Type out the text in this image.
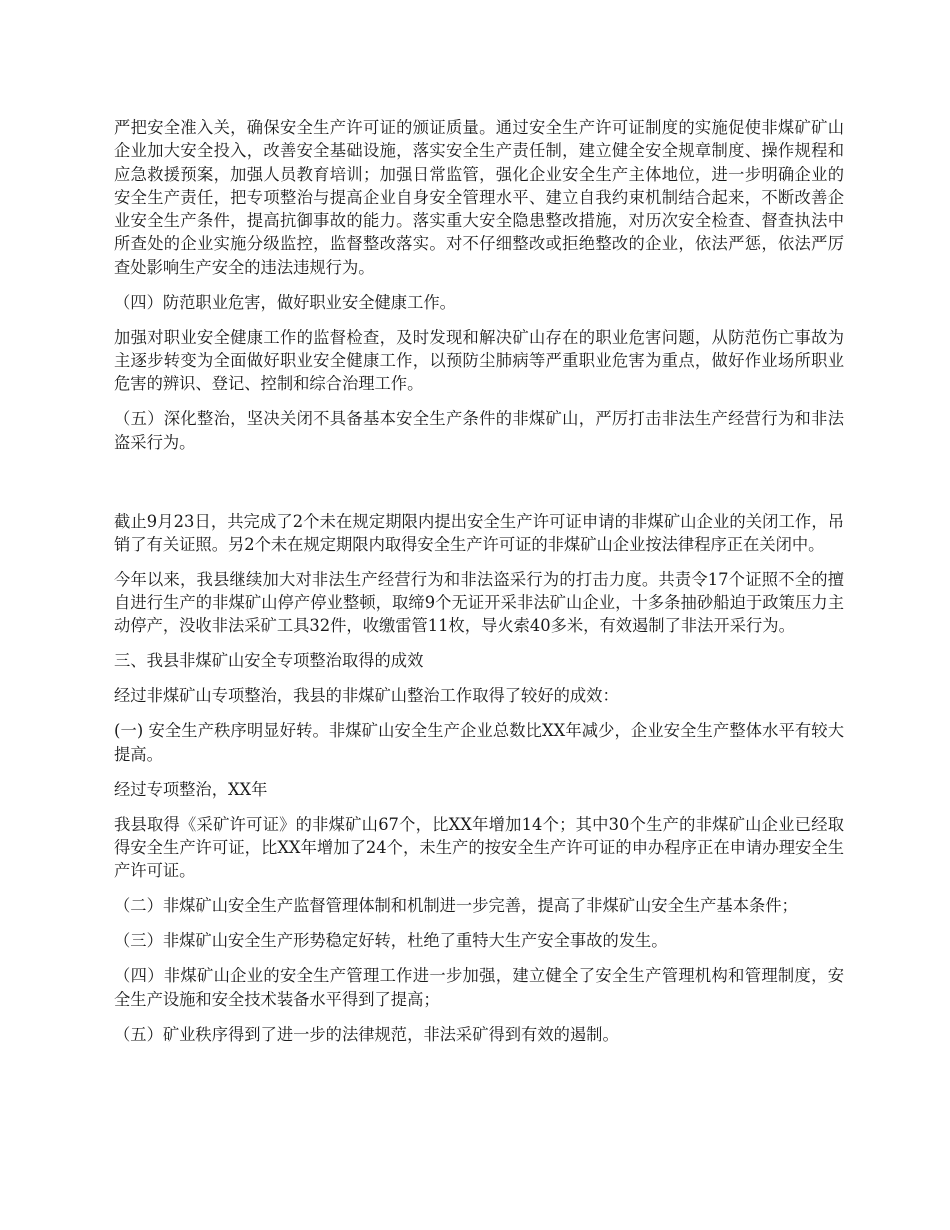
严把安全准入关，确保安全生产许可证的颁证质量。通过安全生产许可证制度的实施促使非煤矿矿山企业加大安全投入，改善安全基础设施，落实安全生产责任制，建立健全安全规章制度、操作规程和应急救援预案，加强人员教育培训；加强日常监管，强化企业安全生产主体地位，进一步明确企业的安全生产责任，把专项整治与提高企业自身安全管理水平、建立自我约束机制结合起来，不断改善企业安全生产条件，提高抗御事故的能力。落实重大安全隐患整改措施，对历次安全检查、督查执法中所查处的企业实施分级监控，监督整改落实。对不仔细整改或拒绝整改的企业，依法严惩，依法严厉查处影响生产安全的违法违规行为。

（四）防范职业危害，做好职业安全健康工作。

加强对职业安全健康工作的监督检查，及时发现和解决矿山存在的职业危害问题，从防范伤亡事故为主逐步转变为全面做好职业安全健康工作，以预防尘肺病等严重职业危害为重点，做好作业场所职业危害的辨识、登记、控制和综合治理工作。

（五）深化整治，坚决关闭不具备基本安全生产条件的非煤矿山，严厉打击非法生产经营行为和非法盗采行为。

截止9月23日，共完成了2个未在规定期限内提出安全生产许可证申请的非煤矿山企业的关闭工作，吊销了有关证照。另2个未在规定期限内取得安全生产许可证的非煤矿山企业按法律程序正在关闭中。

今年以来，我县继续加大对非法生产经营行为和非法盗采行为的打击力度。共责令17个证照不全的擅自进行生产的非煤矿山停产停业整顿，取缔9个无证开采非法矿山企业，十多条抽砂船迫于政策压力主动停产，没收非法采矿工具32件，收缴雷管11枚，导火索40多米，有效遏制了非法开采行为。

三、我县非煤矿山安全专项整治取得的成效

经过非煤矿山专项整治，我县的非煤矿山整治工作取得了较好的成效：

(一) 安全生产秩序明显好转。非煤矿山安全生产企业总数比XX年减少，企业安全生产整体水平有较大提高。

经过专项整治，XX年

我县取得《采矿许可证》的非煤矿山67个，比XX年增加14个；其中30个生产的非煤矿山企业已经取得安全生产许可证，比XX年增加了24个，未生产的按安全生产许可证的申办程序正在申请办理安全生产许可证。

（二）非煤矿山安全生产监督管理体制和机制进一步完善，提高了非煤矿山安全生产基本条件；

（三）非煤矿山安全生产形势稳定好转，杜绝了重特大生产安全事故的发生。

（四）非煤矿山企业的安全生产管理工作进一步加强，建立健全了安全生产管理机构和管理制度，安全生产设施和安全技术装备水平得到了提高；

（五）矿业秩序得到了进一步的法律规范，非法采矿得到有效的遏制。
